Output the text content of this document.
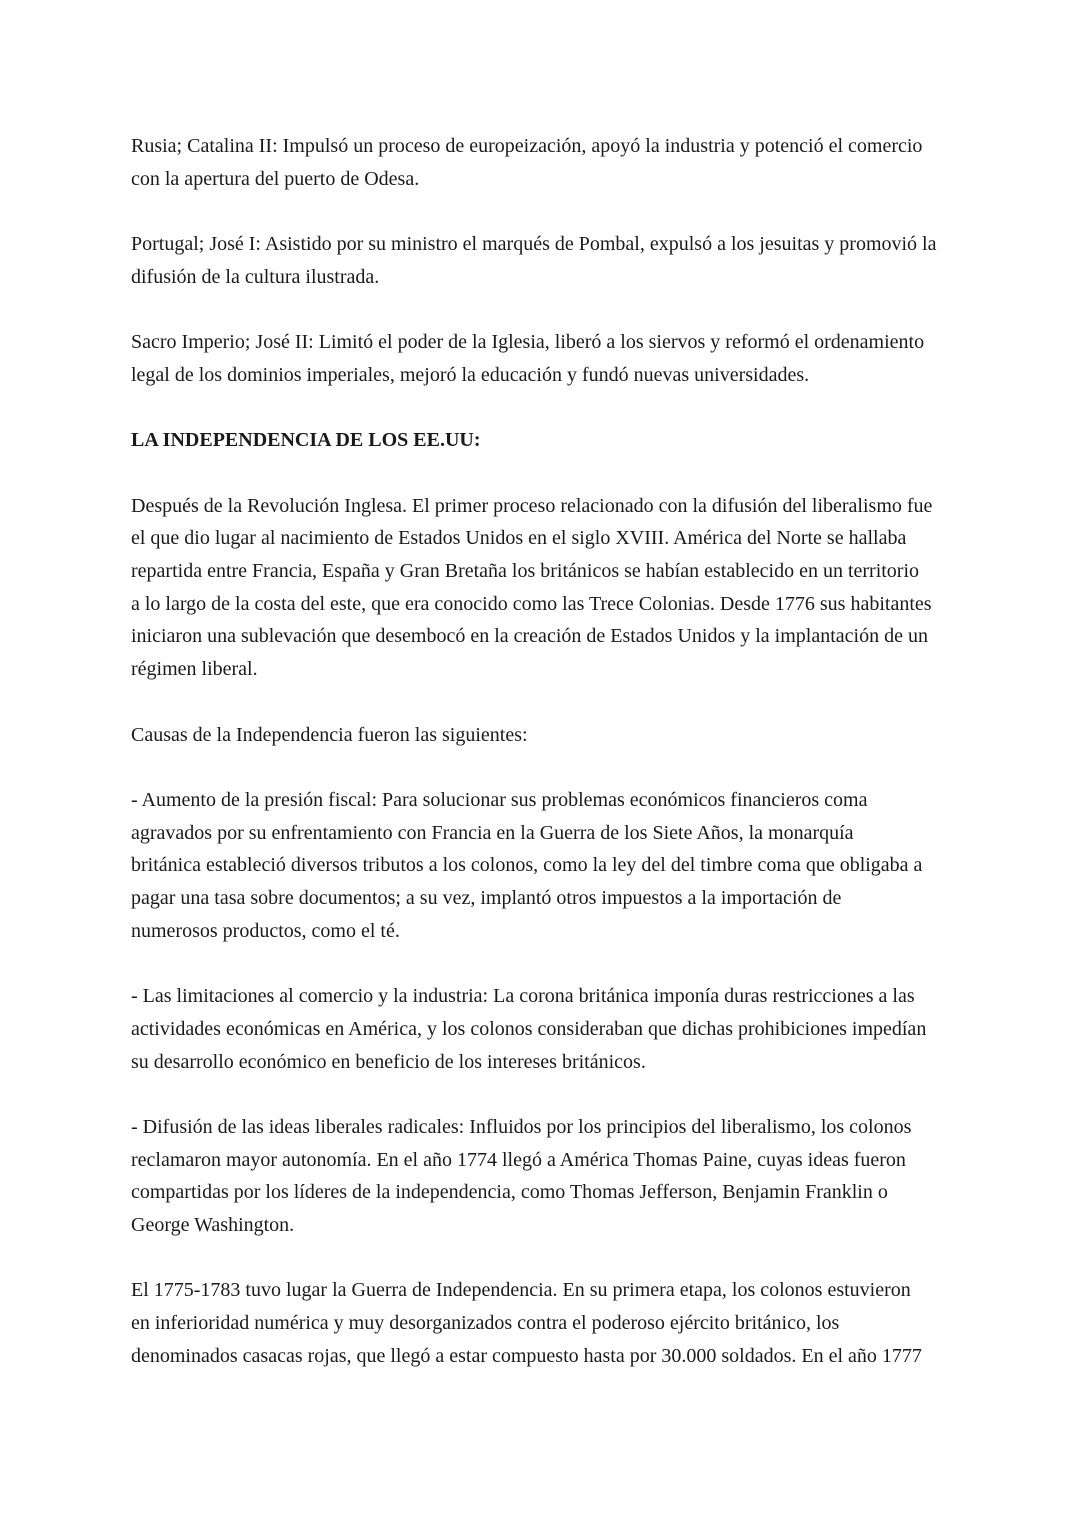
Rusia; Catalina II: Impulsó un proceso de europeización, apoyó la industria y potenció el comercio
con la apertura del puerto de Odesa.
Portugal; José I: Asistido por su ministro el marqués de Pombal, expulsó a los jesuitas y promovió la
difusión de la cultura ilustrada.
Sacro Imperio; José II: Limitó el poder de la Iglesia, liberó a los siervos y reformó el ordenamiento
legal de los dominios imperiales, mejoró la educación y fundó nuevas universidades.
LA INDEPENDENCIA DE LOS EE.UU:
Después de la Revolución Inglesa. El primer proceso relacionado con la difusión del liberalismo fue
el que dio lugar al nacimiento de Estados Unidos en el siglo XVIII. América del Norte se hallaba
repartida entre Francia, España y Gran Bretaña los británicos se habían establecido en un territorio
a lo largo de la costa del este, que era conocido como las Trece Colonias. Desde 1776 sus habitantes
iniciaron una sublevación que desembocó en la creación de Estados Unidos y la implantación de un
régimen liberal.
Causas de la Independencia fueron las siguientes:
- Aumento de la presión fiscal: Para solucionar sus problemas económicos financieros coma
agravados por su enfrentamiento con Francia en la Guerra de los Siete Años, la monarquía
británica estableció diversos tributos a los colonos, como la ley del del timbre coma que obligaba a
pagar una tasa sobre documentos; a su vez, implantó otros impuestos a la importación de
numerosos productos, como el té.
- Las limitaciones al comercio y la industria: La corona británica imponía duras restricciones a las
actividades económicas en América, y los colonos consideraban que dichas prohibiciones impedían
su desarrollo económico en beneficio de los intereses británicos.
- Difusión de las ideas liberales radicales: Influidos por los principios del liberalismo, los colonos
reclamaron mayor autonomía. En el año 1774 llegó a América Thomas Paine, cuyas ideas fueron
compartidas por los líderes de la independencia, como Thomas Jefferson, Benjamin Franklin o
George Washington.
El 1775-1783 tuvo lugar la Guerra de Independencia. En su primera etapa, los colonos estuvieron
en inferioridad numérica y muy desorganizados contra el poderoso ejército británico, los
denominados casacas rojas, que llegó a estar compuesto hasta por 30.000 soldados. En el año 1777
